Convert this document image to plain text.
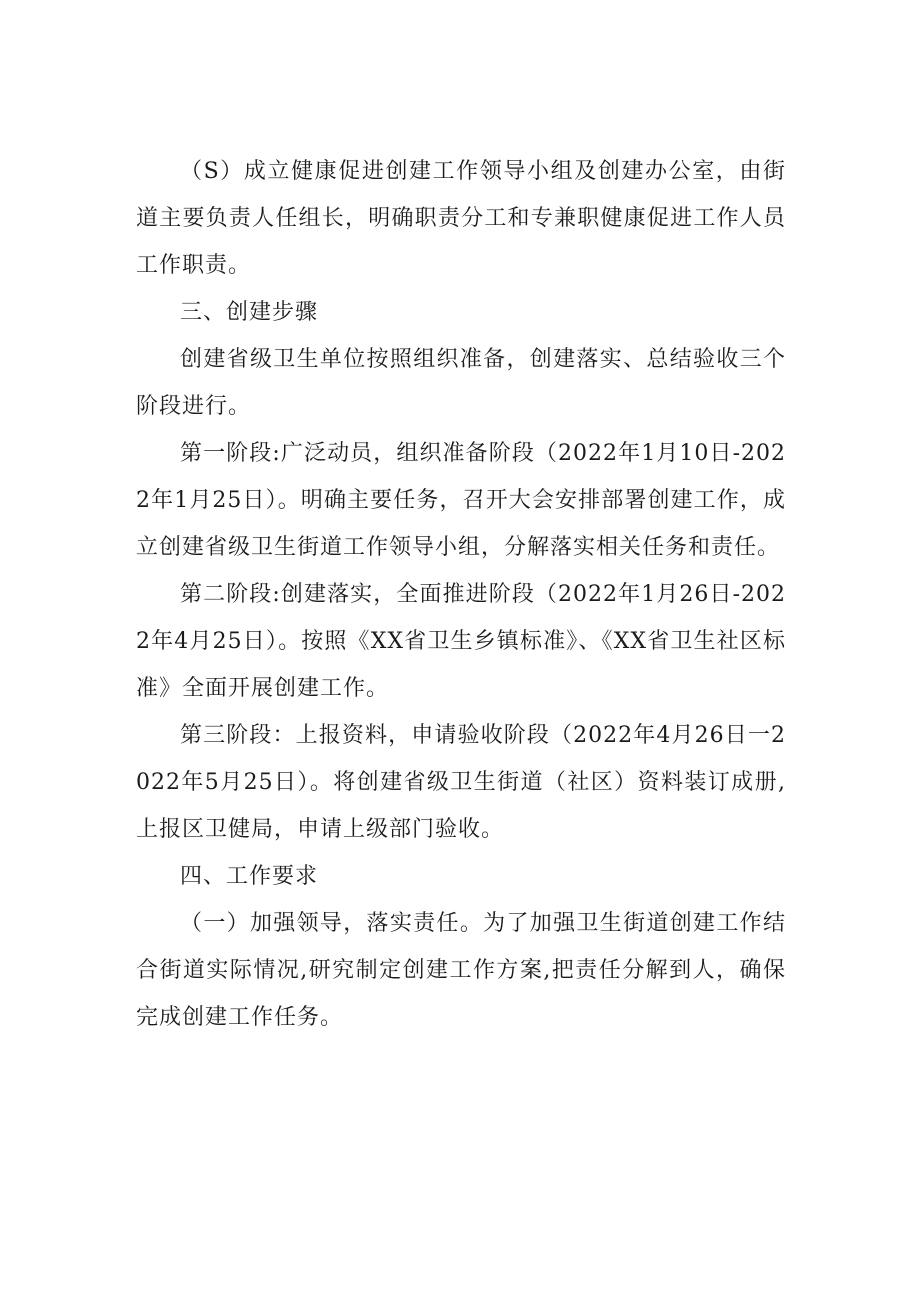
（S）成立健康促进创建工作领导小组及创建办公室，由街道主要负责人任组长，明确职责分工和专兼职健康促进工作人员工作职责。

三、创建步骤

创建省级卫生单位按照组织准备，创建落实、总结验收三个阶段进行。

第一阶段:广泛动员，组织准备阶段（2022年1月10日-2022年1月25日）。明确主要任务，召开大会安排部署创建工作，成立创建省级卫生街道工作领导小组，分解落实相关任务和责任。

第二阶段:创建落实，全面推进阶段（2022年1月26日-2022年4月25日）。按照《XX省卫生乡镇标准》、《XX省卫生社区标准》全面开展创建工作。

第三阶段：上报资料，申请验收阶段（2022年4月26日一2022年5月25日）。将创建省级卫生街道（社区）资料装订成册,上报区卫健局，申请上级部门验收。

四、工作要求

（一）加强领导，落实责任。为了加强卫生街道创建工作结合街道实际情况,研究制定创建工作方案,把责任分解到人，确保完成创建工作任务。
